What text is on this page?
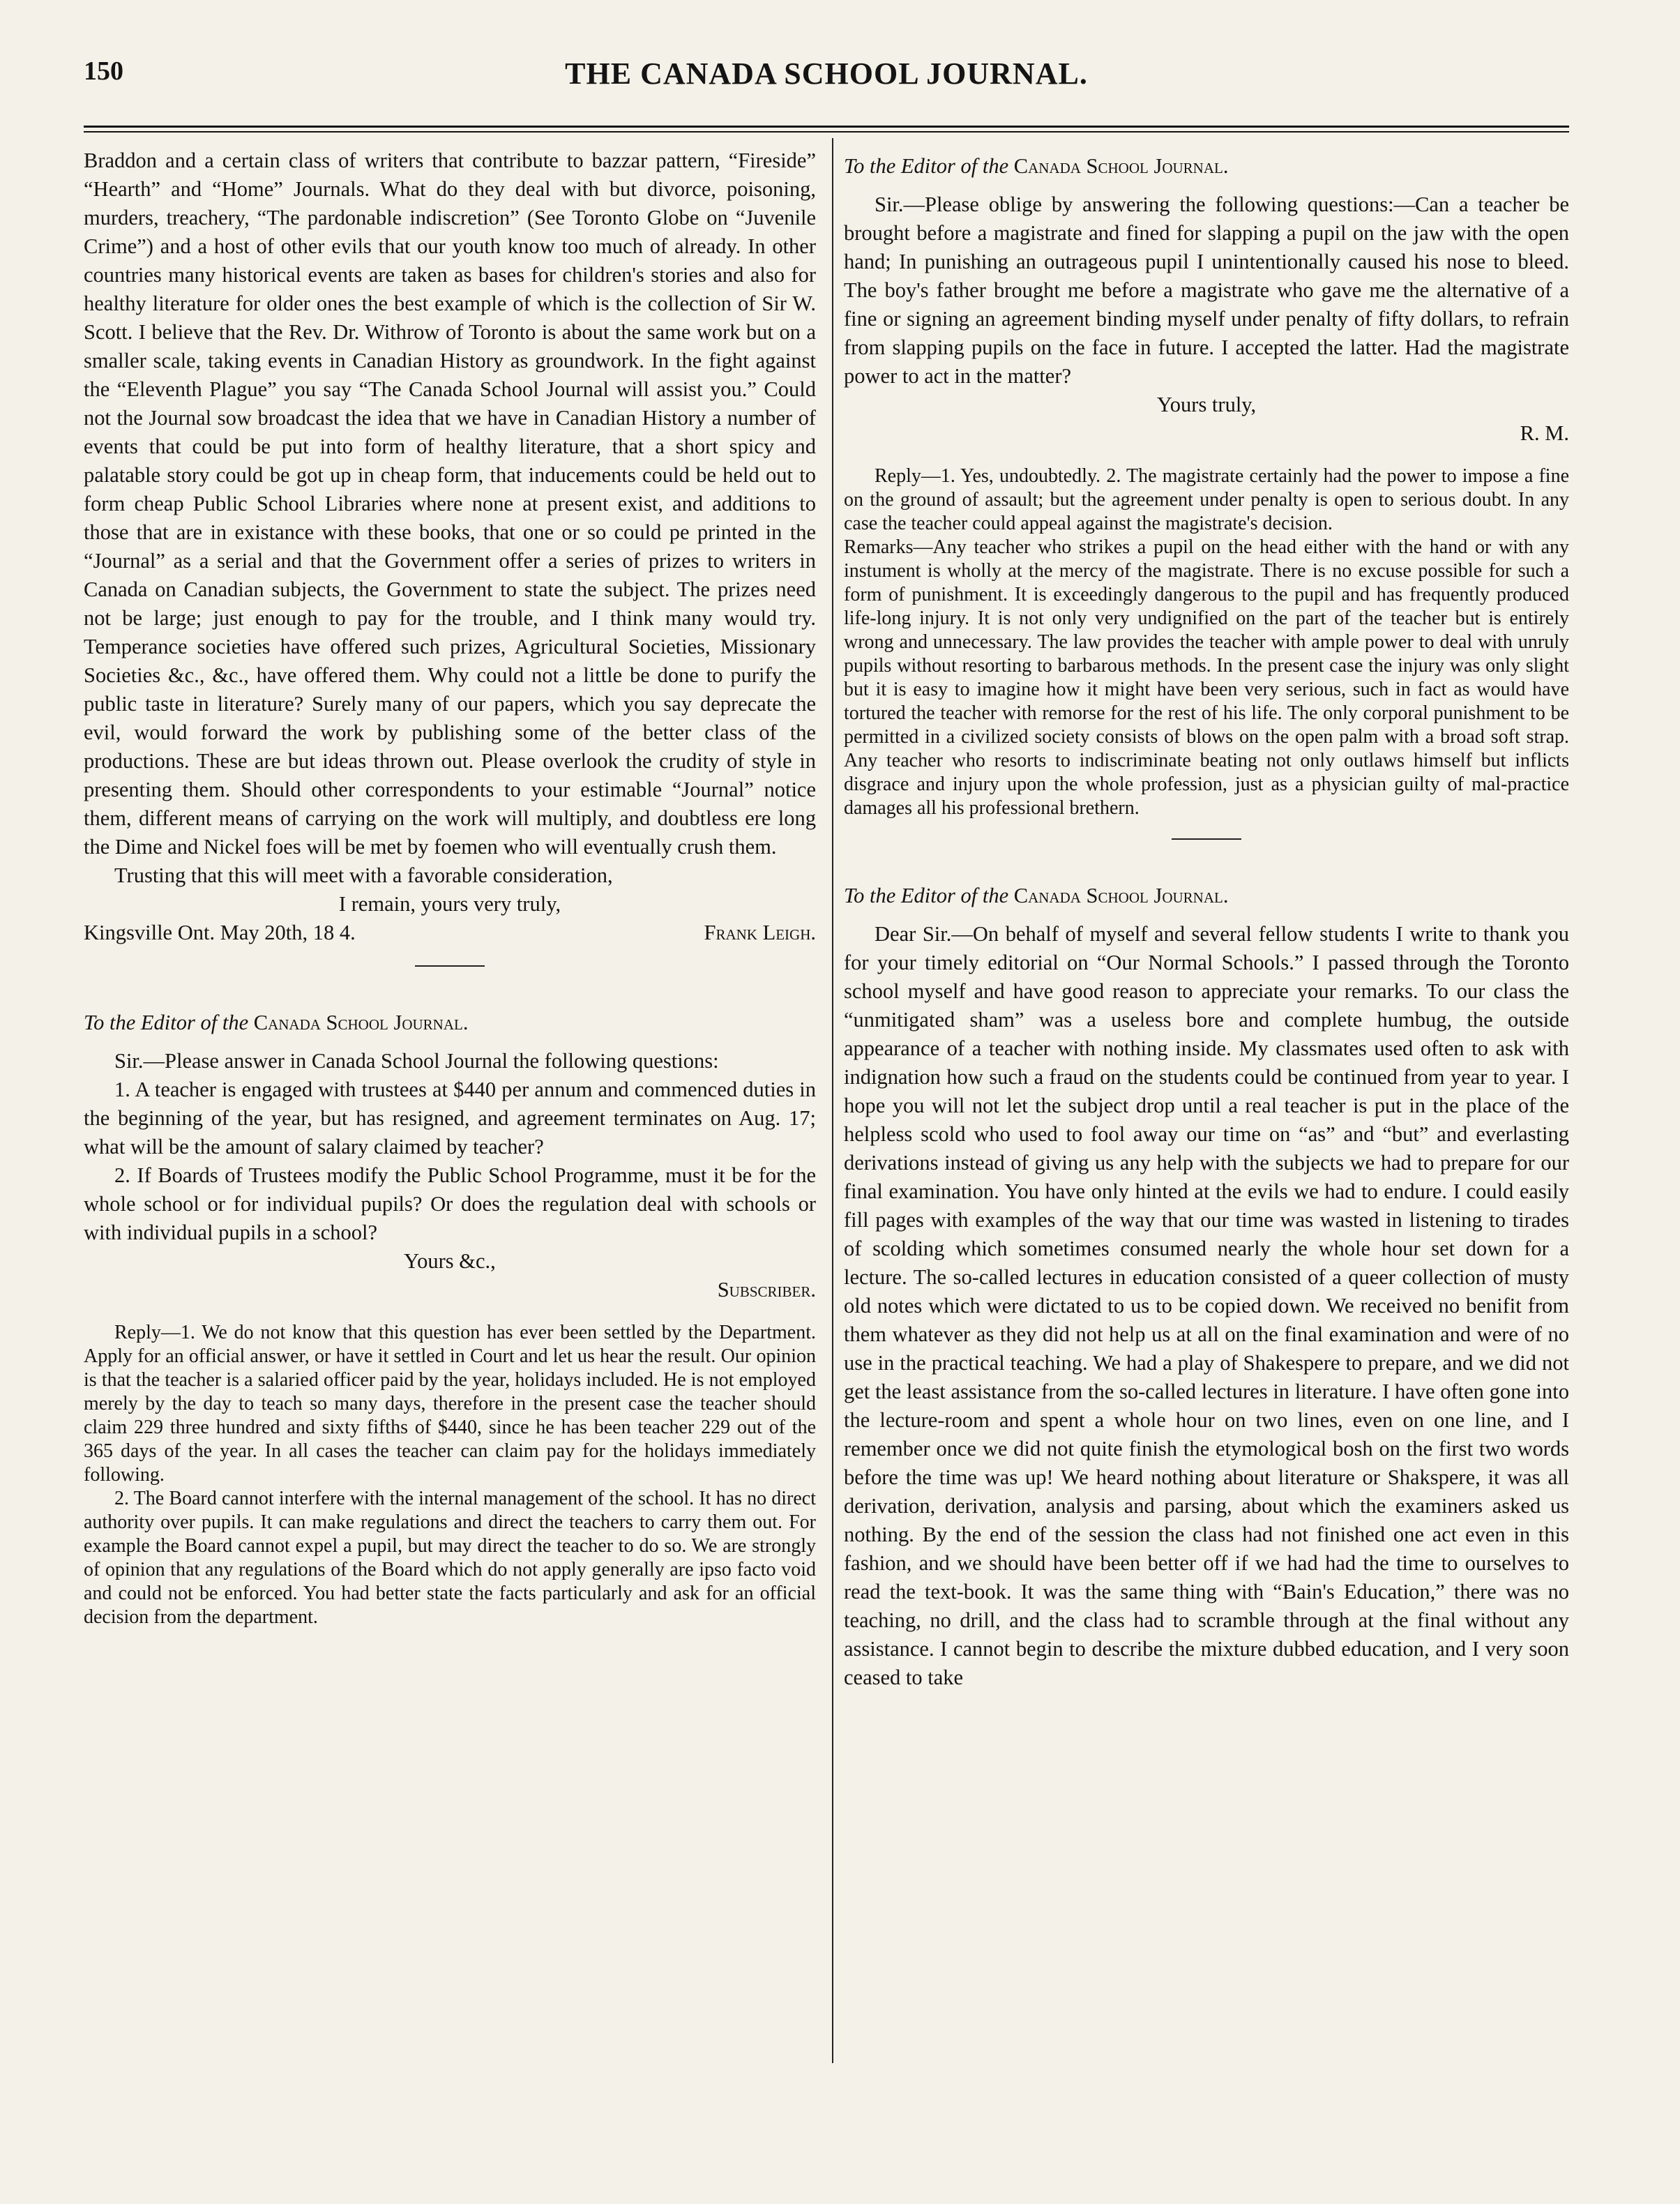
150	THE CANADA SCHOOL JOURNAL.

Braddon and a certain class of writers that contribute to bazzar pattern, “Fireside” “Hearth” and “Home” Journals. What do they deal with but divorce, poisoning, murders, treachery, “The pardonable indiscretion” (See Toronto Globe on “Juvenile Crime”) and a host of other evils that our youth know too much of already. In other countries many historical events are taken as bases for children's stories and also for healthy literature for older ones the best example of which is the collection of Sir W. Scott. I believe that the Rev. Dr. Withrow of Toronto is about the same work but on a smaller scale, taking events in Canadian History as groundwork. In the fight against the “Eleventh Plague” you say “The Canada School Journal will assist you.” Could not the Journal sow broadcast the idea that we have in Canadian History a number of events that could be put into form of healthy literature, that a short spicy and palatable story could be got up in cheap form, that inducements could be held out to form cheap Public School Libraries where none at present exist, and additions to those that are in existance with these books, that one or so could pe printed in the “Journal” as a serial and that the Government offer a series of prizes to writers in Canada on Canadian subjects, the Government to state the subject. The prizes need not be large; just enough to pay for the trouble, and I think many would try. Temperance societies have offered such prizes, Agricultural Societies, Missionary Societies &c., &c., have offered them. Why could not a little be done to purify the public taste in literature? Surely many of our papers, which you say deprecate the evil, would forward the work by publishing some of the better class of the productions. These are but ideas thrown out. Please overlook the crudity of style in presenting them. Should other correspondents to your estimable “Journal” notice them, different means of carrying on the work will multiply, and doubtless ere long the Dime and Nickel foes will be met by foemen who will eventually crush them.

Trusting that this will meet with a favorable consideration,

I remain, yours very truly,

Kingsville Ont. May 20th, 18 4.	Frank Leigh.

To the Editor of the Canada School Journal.

Sir.—Please answer in Canada School Journal the following questions:

1. A teacher is engaged with trustees at $440 per annum and commenced duties in the beginning of the year, but has resigned, and agreement terminates on Aug. 17; what will be the amount of salary claimed by teacher?

2. If Boards of Trustees modify the Public School Programme, must it be for the whole school or for individual pupils? Or does the regulation deal with schools or with individual pupils in a school?

Yours &c.,

Subscriber.

Reply—1. We do not know that this question has ever been settled by the Department. Apply for an official answer, or have it settled in Court and let us hear the result. Our opinion is that the teacher is a salaried officer paid by the year, holidays included. He is not employed merely by the day to teach so many days, therefore in the present case the teacher should claim 229 three hundred and sixty fifths of $440, since he has been teacher 229 out of the 365 days of the year. In all cases the teacher can claim pay for the holidays immediately following.

2. The Board cannot interfere with the internal management of the school. It has no direct authority over pupils. It can make regulations and direct the teachers to carry them out. For example the Board cannot expel a pupil, but may direct the teacher to do so. We are strongly of opinion that any regulations of the Board which do not apply generally are ipso facto void and could not be enforced. You had better state the facts particularly and ask for an official decision from the department.

To the Editor of the Canada School Journal.

Sir.—Please oblige by answering the following questions:—Can a teacher be brought before a magistrate and fined for slapping a pupil on the jaw with the open hand; In punishing an outrageous pupil I unintentionally caused his nose to bleed. The boy's father brought me before a magistrate who gave me the alternative of a fine or signing an agreement binding myself under penalty of fifty dollars, to refrain from slapping pupils on the face in future. I accepted the latter. Had the magistrate power to act in the matter?

Yours truly,

R. M.

Reply—1. Yes, undoubtedly. 2. The magistrate certainly had the power to impose a fine on the ground of assault; but the agreement under penalty is open to serious doubt. In any case the teacher could appeal against the magistrate's decision.

Remarks—Any teacher who strikes a pupil on the head either with the hand or with any instument is wholly at the mercy of the magistrate. There is no excuse possible for such a form of punishment. It is exceedingly dangerous to the pupil and has frequently produced life-long injury. It is not only very undignified on the part of the teacher but is entirely wrong and unnecessary. The law provides the teacher with ample power to deal with unruly pupils without resorting to barbarous methods. In the present case the injury was only slight but it is easy to imagine how it might have been very serious, such in fact as would have tortured the teacher with remorse for the rest of his life. The only corporal punishment to be permitted in a civilized society consists of blows on the open palm with a broad soft strap. Any teacher who resorts to indiscriminate beating not only outlaws himself but inflicts disgrace and injury upon the whole profession, just as a physician guilty of mal-practice damages all his professional brethern.

To the Editor of the Canada School Journal.

Dear Sir.—On behalf of myself and several fellow students I write to thank you for your timely editorial on “Our Normal Schools.” I passed through the Toronto school myself and have good reason to appreciate your remarks. To our class the “unmitigated sham” was a useless bore and complete humbug, the outside appearance of a teacher with nothing inside. My classmates used often to ask with indignation how such a fraud on the students could be continued from year to year. I hope you will not let the subject drop until a real teacher is put in the place of the helpless scold who used to fool away our time on “as” and “but” and everlasting derivations instead of giving us any help with the subjects we had to prepare for our final examination. You have only hinted at the evils we had to endure. I could easily fill pages with examples of the way that our time was wasted in listening to tirades of scolding which sometimes consumed nearly the whole hour set down for a lecture. The so-called lectures in education consisted of a queer collection of musty old notes which were dictated to us to be copied down. We received no benifit from them whatever as they did not help us at all on the final examination and were of no use in the practical teaching. We had a play of Shakespere to prepare, and we did not get the least assistance from the so-called lectures in literature. I have often gone into the lecture-room and spent a whole hour on two lines, even on one line, and I remember once we did not quite finish the etymological bosh on the first two words before the time was up! We heard nothing about literature or Shakspere, it was all derivation, derivation, analysis and parsing, about which the examiners asked us nothing. By the end of the session the class had not finished one act even in this fashion, and we should have been better off if we had had the time to ourselves to read the text-book. It was the same thing with “Bain's Education,” there was no teaching, no drill, and the class had to scramble through at the final without any assistance. I cannot begin to describe the mixture dubbed education, and I very soon ceased to take
